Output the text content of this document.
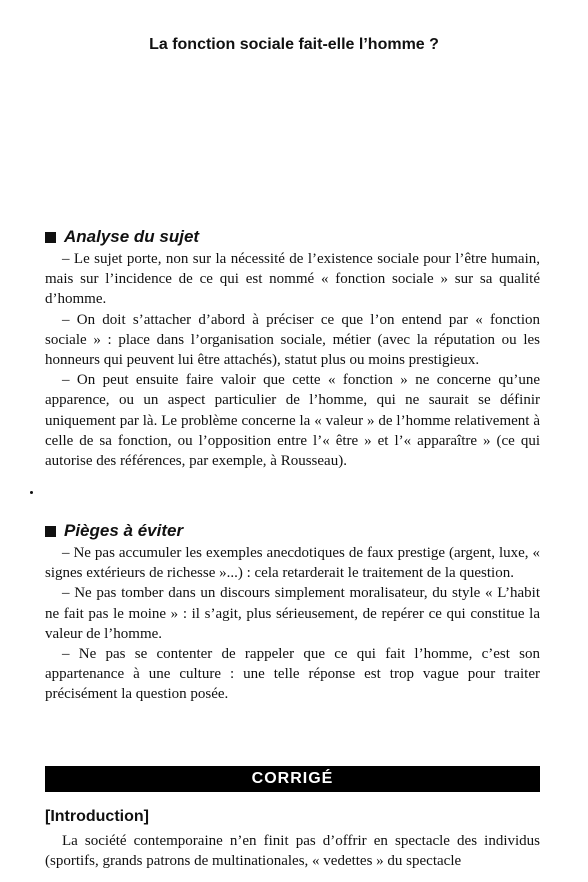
La fonction sociale fait-elle l’homme ?
Analyse du sujet

– Le sujet porte, non sur la nécessité de l’existence sociale pour l’être humain, mais sur l’incidence de ce qui est nommé « fonction sociale » sur sa qualité d’homme.

– On doit s’attacher d’abord à préciser ce que l’on entend par « fonction sociale » : place dans l’organisation sociale, métier (avec la réputation ou les honneurs qui peuvent lui être attachés), statut plus ou moins prestigieux.

– On peut ensuite faire valoir que cette « fonction » ne concerne qu’une apparence, ou un aspect particulier de l’homme, qui ne saurait se définir uniquement par là. Le problème concerne la « valeur » de l’homme relativement à celle de sa fonction, ou l’opposition entre l’« être » et l’« apparaître » (ce qui autorise des références, par exemple, à Rousseau).

Pièges à éviter

– Ne pas accumuler les exemples anecdotiques de faux prestige (argent, luxe, « signes extérieurs de richesse »...) : cela retarderait le traitement de la question.

– Ne pas tomber dans un discours simplement moralisateur, du style « L’habit ne fait pas le moine » : il s’agit, plus sérieusement, de repérer ce qui constitue la valeur de l’homme.

– Ne pas se contenter de rappeler que ce qui fait l’homme, c’est son appartenance à une culture : une telle réponse est trop vague pour traiter précisément la question posée.

CORRIGÉ
[Introduction]

La société contemporaine n’en finit pas d’offrir en spectacle des individus (sportifs, grands patrons de multinationales, « vedettes » du spectacle
